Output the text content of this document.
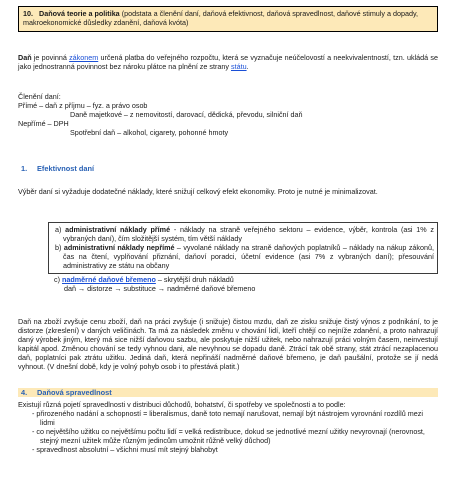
10. Daňová teorie a politika (podstata a členění daní, daňová efektivnost, daňová spravedlnost, daňové stimuly a dopady, makroekonomické důsledky zdanění, daňová kvóta)
Daň je povinná zákonem určená platba do veřejného rozpočtu, která se vyznačuje neúčelovostí a neekvivalentností, tzn. ukládá se jako jednostranná povinnost bez nároku plátce na plnění ze strany státu.

Členění daní:

Přímé – daň z příjmu – fyz. a právo osob

Daně majetkové – z nemovitostí, darovací, dědická, převodu, silniční daň

Nepřímé – DPH

Spotřební daň – alkohol, cigarety, pohonné hmoty

1. Efektivnost daní
Výběr daní si vyžaduje dodatečné náklady, které snižují celkový efekt ekonomiky. Proto je nutné je minimalizovat.

a) administrativní náklady přímé - náklady na straně veřejného sektoru – evidence, výběr, kontrola (asi 1% z vybraných daní), čím složitější systém, tím větší náklady

b) administrativní náklady nepřímé – vyvolané náklady na straně daňových poplatníků – náklady na nákup zákonů, čas na čtení, vyplňování přiznání, daňoví poradci, účetní evidence (asi 7% z vybraných daní); přesouvání administrativy ze státu na občany

c) nadměrné daňové břemeno – skrytější druh nákladů

daň → distorze → substituce → nadměrné daňové břemeno

Daň na zboží zvyšuje cenu zboží, daň na práci zvyšuje (i snižuje) čistou mzdu, daň ze zisku snižuje čistý výnos z podnikání, to je distorze (zkreslení) v daných veličinách. Ta má za následek změnu v chování lidí, kteří chtějí co nejníže zdanění, a proto nahrazují daný výrobek jiným, který má sice nižší daňovou sazbu, ale poskytuje nižší užitek, nebo nahrazují práci volným časem, neinvestují kapitál apod. Změnou chování se tedy vyhnou dani, ale nevyhnou se dopadu daně. Ztrácí tak obě strany, stát ztrácí nezaplacenou daň, poplatníci pak ztrátu užitku. Jediná daň, která nepřináší nadměrné daňové břemeno, je daň paušální, protože se jí nedá vyhnout. (V dnešní době, kdy je volný pohyb osob i to přestává platit.)
4. Daňová spravedlnost

Existují různá pojetí spravedlnosti v distribuci důchodů, bohatství, či spotřeby ve společnosti a to podle:

- přirozeného nadání a schopností = liberalismus, daně toto nemají narušovat, nemají být nástrojem vyrovnání rozdílů mezi lidmi

- co největšího užitku co největšímu počtu lidí = velká redistribuce, dokud se jednotlivé mezní užitky nevyrovnají (nerovnost, stejný mezní užitek může různým jedincům umožnit růžně velký důchod)

- spravedlnost absolutní – všichni musí mít stejný blahobyt
